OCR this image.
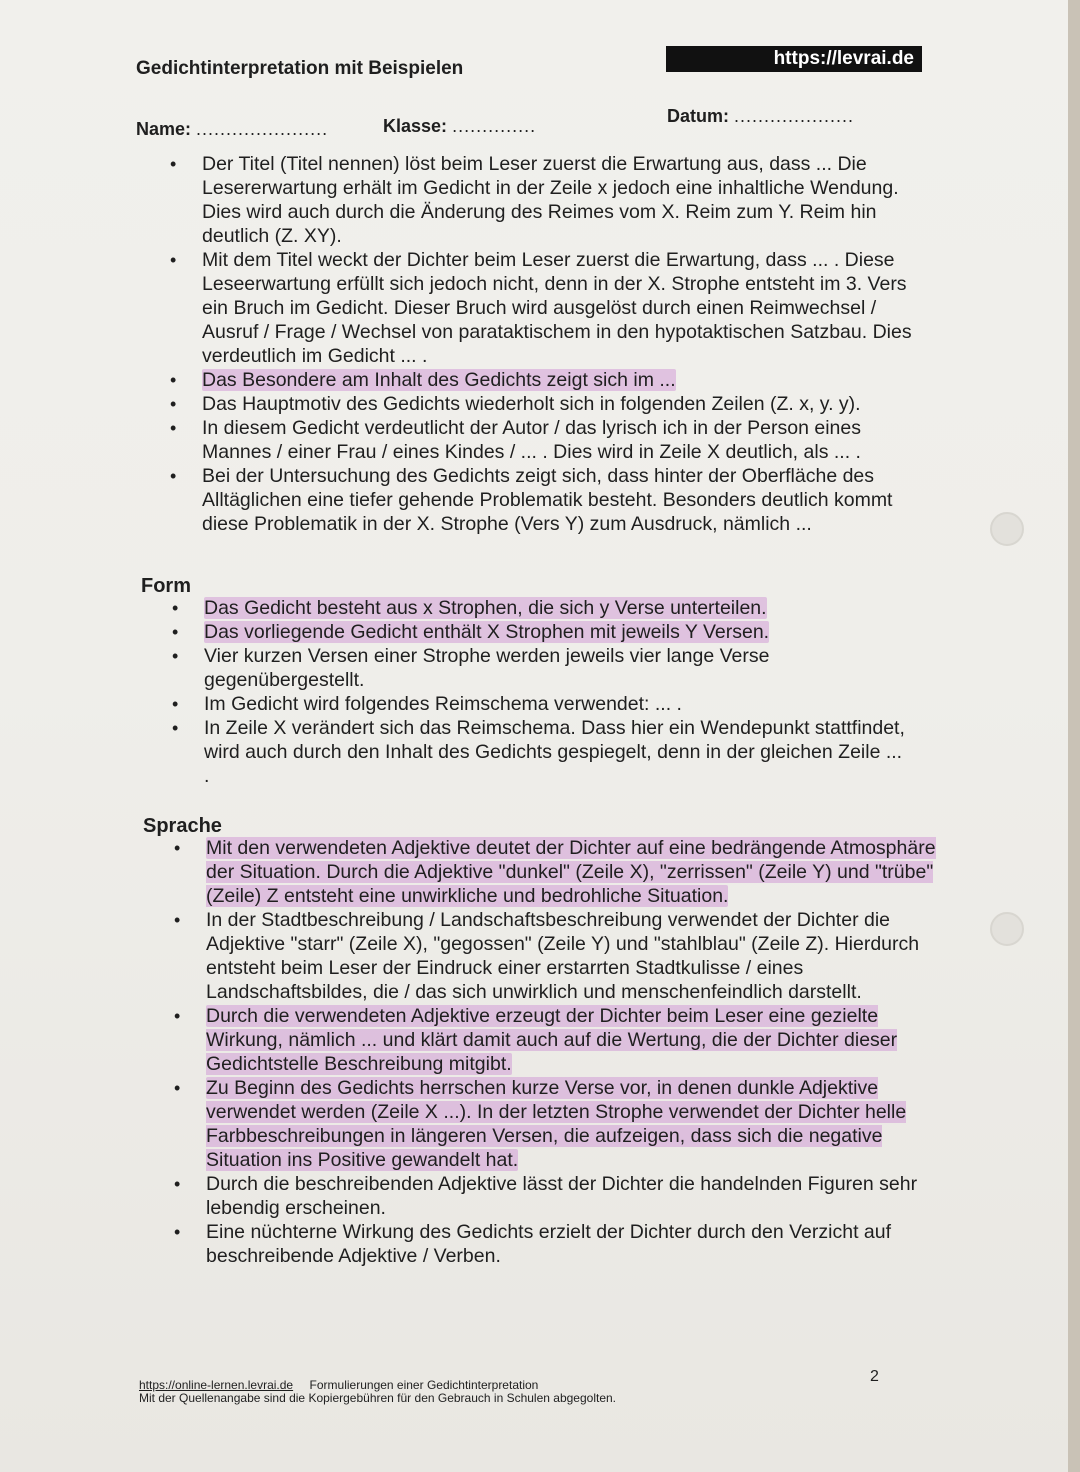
Gedichtinterpretation mit Beispielen	https://levrai.de
Name: ......................	Klasse: ..............	Datum: ....................
• Der Titel (Titel nennen) löst beim Leser zuerst die Erwartung aus, dass ... Die Lesererwartung erhält im Gedicht in der Zeile x jedoch eine inhaltliche Wendung. Dies wird auch durch die Änderung des Reimes vom X. Reim zum Y. Reim hin deutlich (Z. XY).
• Mit dem Titel weckt der Dichter beim Leser zuerst die Erwartung, dass ... . Diese Leseerwartung erfüllt sich jedoch nicht, denn in der X. Strophe entsteht im 3. Vers ein Bruch im Gedicht. Dieser Bruch wird ausgelöst durch einen Reimwechsel / Ausruf / Frage / Wechsel von parataktischem in den hypotaktischen Satzbau. Dies verdeutlich im Gedicht ... .
• Das Besondere am Inhalt des Gedichts zeigt sich im ...
• Das Hauptmotiv des Gedichts wiederholt sich in folgenden Zeilen (Z. x, y. y).
• In diesem Gedicht verdeutlicht der Autor / das lyrisch ich in der Person eines Mannes / einer Frau / eines Kindes / ... . Dies wird in Zeile X deutlich, als ... .
• Bei der Untersuchung des Gedichts zeigt sich, dass hinter der Oberfläche des Alltäglichen eine tiefer gehende Problematik besteht. Besonders deutlich kommt diese Problematik in der X. Strophe (Vers Y) zum Ausdruck, nämlich ...
Form
• Das Gedicht besteht aus x Strophen, die sich y Verse unterteilen.
• Das vorliegende Gedicht enthält X Strophen mit jeweils Y Versen.
• Vier kurzen Versen einer Strophe werden jeweils vier lange Verse gegenübergestellt.
• Im Gedicht wird folgendes Reimschema verwendet: ... .
• In Zeile X verändert sich das Reimschema. Dass hier ein Wendepunkt stattfindet, wird auch durch den Inhalt des Gedichts gespiegelt, denn in der gleichen Zeile ... .
Sprache
• Mit den verwendeten Adjektive deutet der Dichter auf eine bedrängende Atmosphäre der Situation. Durch die Adjektive "dunkel" (Zeile X), "zerrissen" (Zeile Y) und "trübe" (Zeile) Z entsteht eine unwirkliche und bedrohliche Situation.
• In der Stadtbeschreibung / Landschaftsbeschreibung verwendet der Dichter die Adjektive "starr" (Zeile X), "gegossen" (Zeile Y) und "stahlblau" (Zeile Z). Hierdurch entsteht beim Leser der Eindruck einer erstarrten Stadtkulisse / eines Landschaftsbildes, die / das sich unwirklich und menschenfeindlich darstellt.
• Durch die verwendeten Adjektive erzeugt der Dichter beim Leser eine gezielte Wirkung, nämlich ... und klärt damit auch auf die Wertung, die der Dichter dieser Gedichtstelle Beschreibung mitgibt.
• Zu Beginn des Gedichts herrschen kurze Verse vor, in denen dunkle Adjektive verwendet werden (Zeile X ...). In der letzten Strophe verwendet der Dichter helle Farbbeschreibungen in längeren Versen, die aufzeigen, dass sich die negative Situation ins Positive gewandelt hat.
• Durch die beschreibenden Adjektive lässt der Dichter die handelnden Figuren sehr lebendig erscheinen.
• Eine nüchterne Wirkung des Gedichts erzielt der Dichter durch den Verzicht auf beschreibende Adjektive / Verben.
https://online-lernen.levrai.de Formulierungen einer Gedichtinterpretation
Mit der Quellenangabe sind die Kopiergebühren für den Gebrauch in Schulen abgegolten.
2
